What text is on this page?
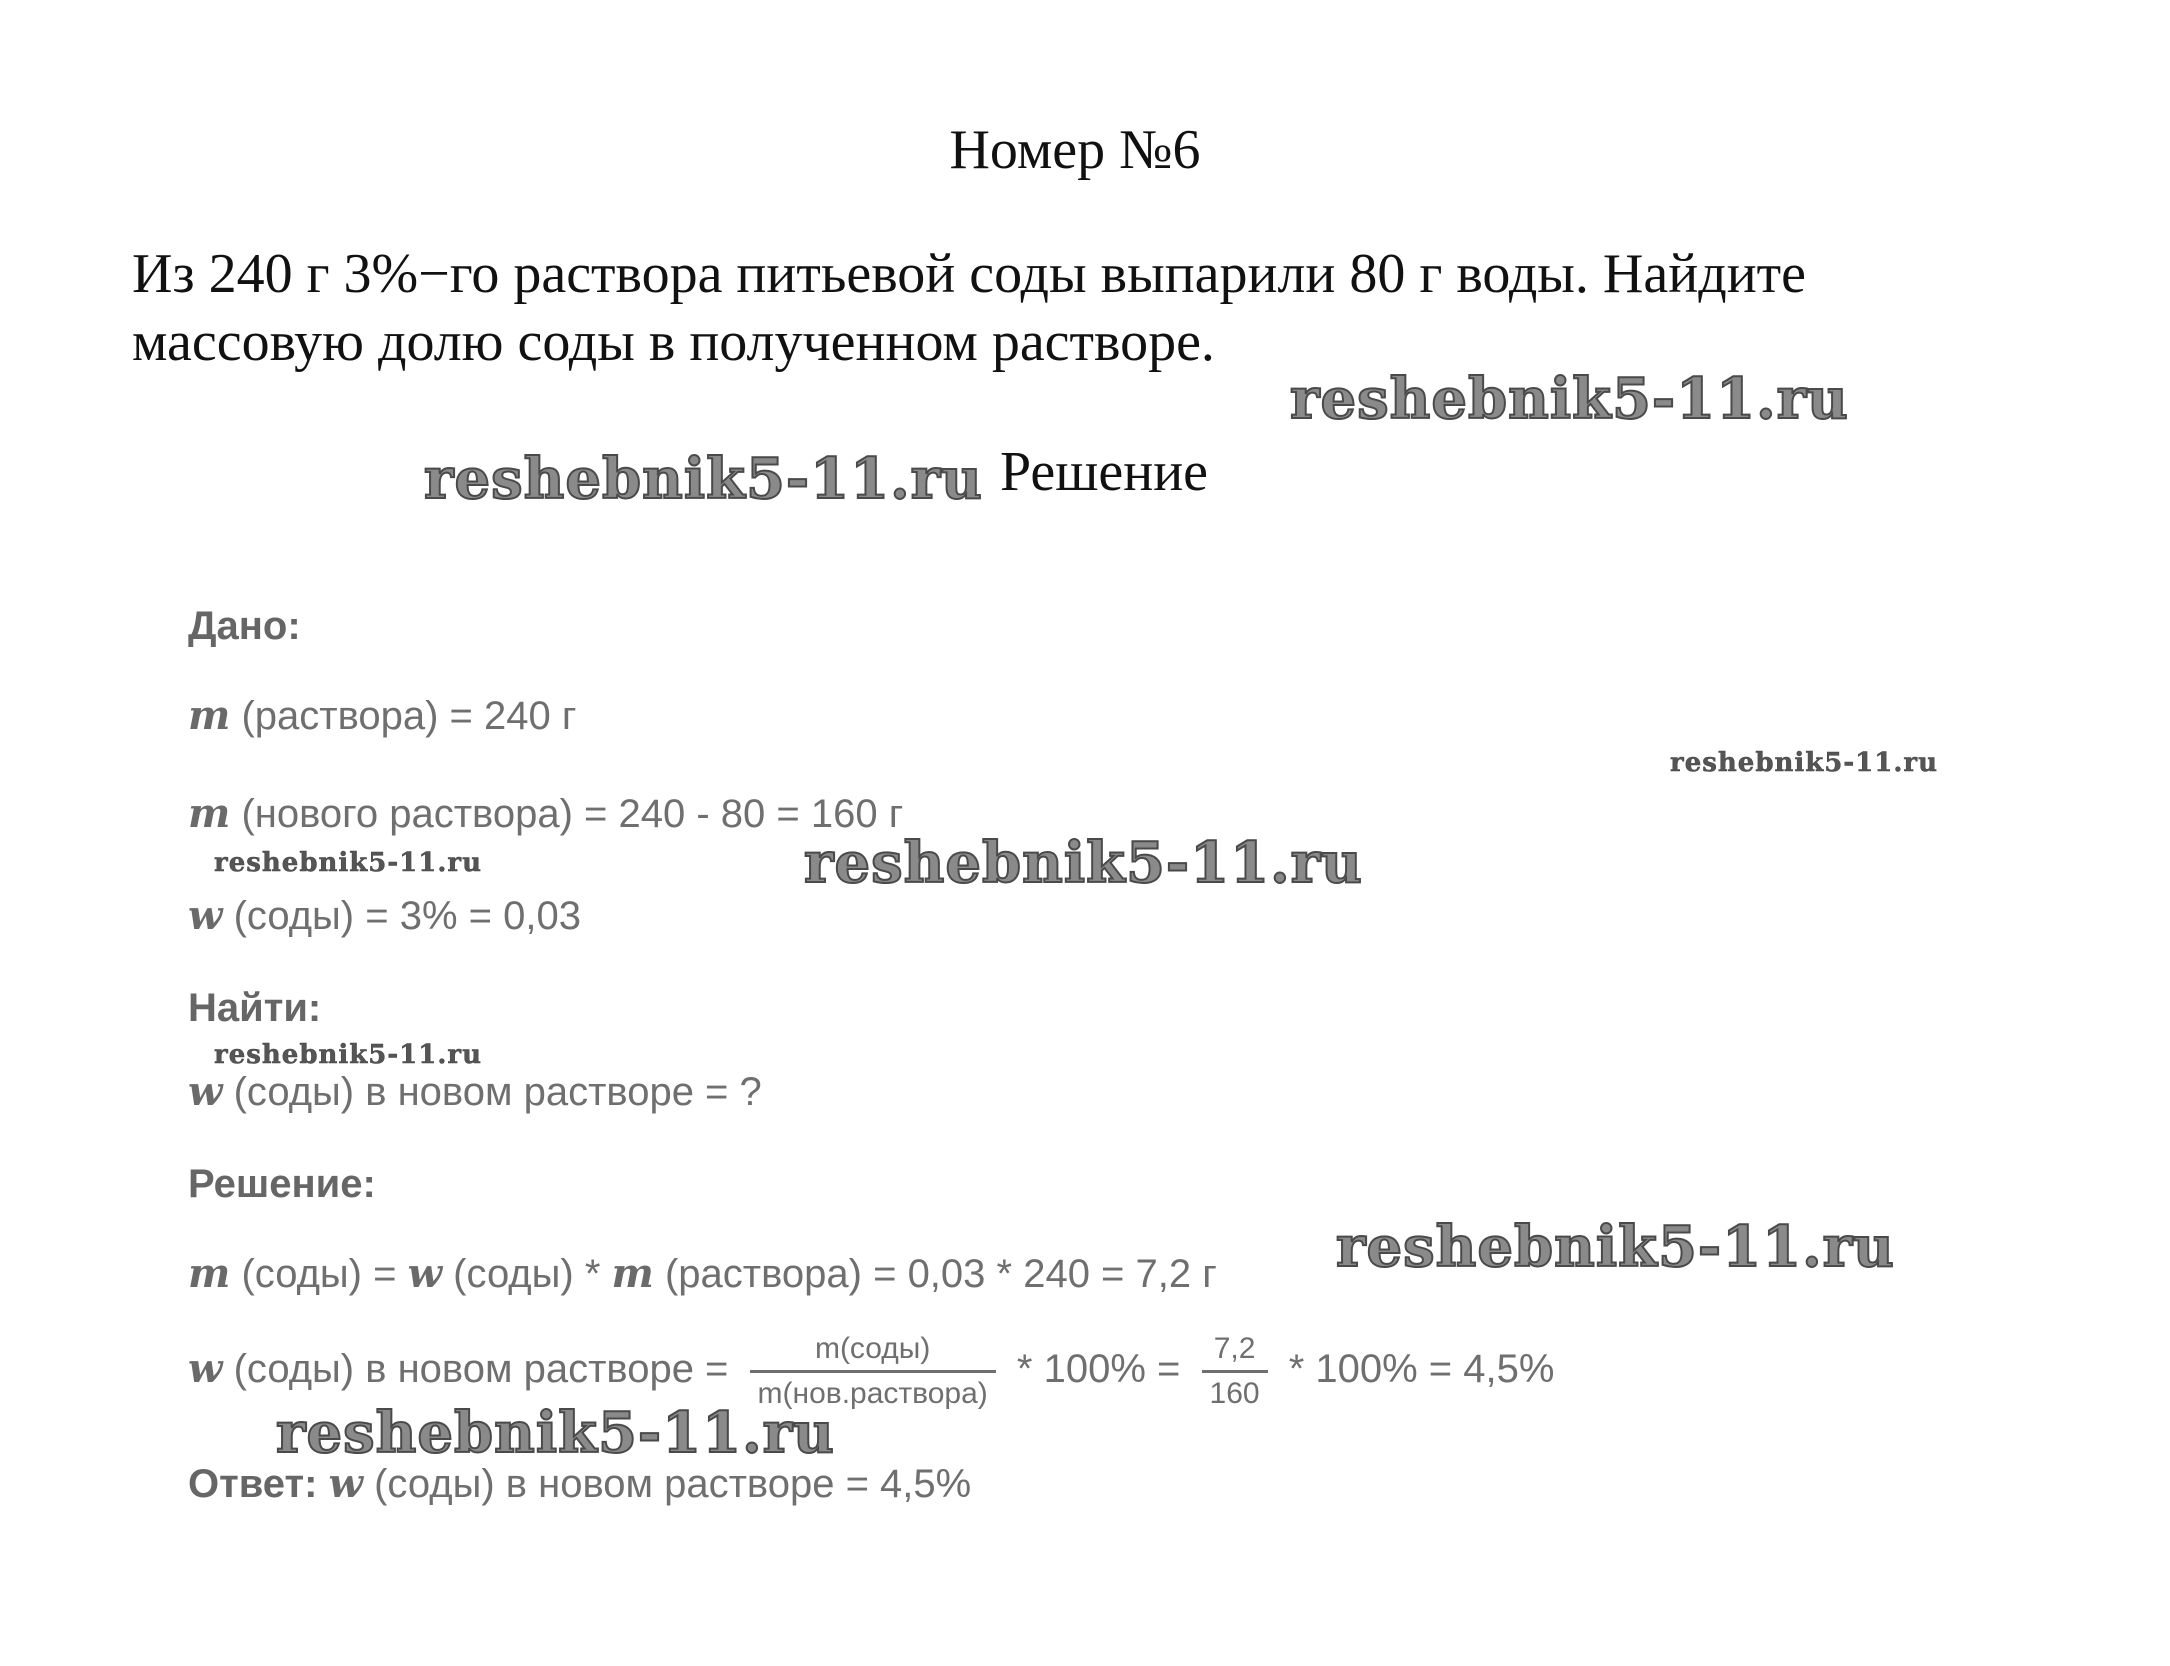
Номер №6
Из 240 г 3%−го раствора питьевой соды выпарили 80 г воды. Найдите массовую долю соды в полученном растворе.
Решение
Дано:
m (раствора) = 240 г
m (нового раствора) = 240 - 80 = 160 г
w (соды) = 3% = 0,03
Найти:
w (соды) в новом растворе = ?
Решение:
m (соды) = w (соды) * m (раствора) = 0,03 * 240 = 7,2 г
w (соды) в новом растворе = $\frac{\text{m(соды)}}{\text{m(нов.раствора)}} * 100\% = \frac{7,2}{160} * 100\% = 4,5\%$
Ответ: w (соды) в новом растворе = 4,5%
reshebnik5-11.ru
reshebnik5-11.ru
reshebnik5-11.ru
reshebnik5-11.ru	reshebnik5-11.ru
reshebnik5-11.ru
reshebnik5-11.ru
reshebnik5-11.ru
